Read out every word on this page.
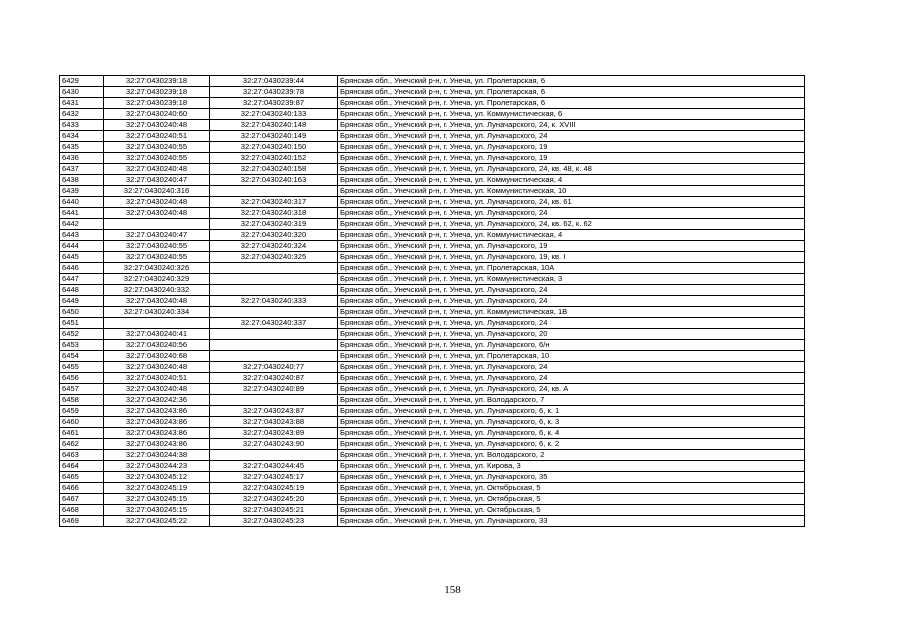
6429	32:27:0430239:18	32:27:0430239:44	Брянская обл., Унечский р-н, г. Унеча, ул. Пролетарская, 6
6430	32:27:0430239:18	32:27:0430239:78	Брянская обл., Унечский р-н, г. Унеча, ул. Пролетарская, 6
6431	32:27:0430239:18	32:27:0430239:87	Брянская обл., Унечский р-н, г. Унеча, ул. Пролетарская, 6
6432	32:27:0430240:60	32:27:0430240:133	Брянская обл., Унечский р-н, г. Унеча, ул. Коммунистическая, 6
6433	32:27:0430240:48	32:27:0430240:148	Брянская обл., Унечский р-н, г. Унеча, ул. Луначарского, 24, к. XVIII
6434	32:27:0430240:51	32:27:0430240:149	Брянская обл., Унечский р-н, г. Унеча, ул. Луначарского, 24
6435	32:27:0430240:55	32:27:0430240:150	Брянская обл., Унечский р-н, г. Унеча, ул. Луначарского, 19
6436	32:27:0430240:55	32:27:0430240:152	Брянская обл., Унечский р-н, г. Унеча, ул. Луначарского, 19
6437	32:27:0430240:48	32:27:0430240:158	Брянская обл., Унечский р-н, г. Унеча, ул. Луначарского, 24, кв. 48, к. 48
6438	32:27:0430240:47	32:27:0430240:163	Брянская обл., Унечский р-н, г. Унеча, ул. Коммунистическая, 4
6439	32:27:0430240:316		Брянская обл., Унечский р-н, г. Унеча, ул. Коммунистическая, 10
6440	32:27:0430240:48	32:27:0430240:317	Брянская обл., Унечский р-н, г. Унеча, ул. Луначарского, 24, кв. 61
6441	32:27:0430240:48	32:27:0430240:318	Брянская обл., Унечский р-н, г. Унеча, ул. Луначарского, 24
6442		32:27:0430240:319	Брянская обл., Унечский р-н, г. Унеча, ул. Луначарского, 24, кв. 62, к. 62
6443	32:27:0430240:47	32:27:0430240:320	Брянская обл., Унечский р-н, г. Унеча, ул. Коммунистическая, 4
6444	32:27:0430240:55	32:27:0430240:324	Брянская обл., Унечский р-н, г. Унеча, ул. Луначарского, 19
6445	32:27:0430240:55	32:27:0430240:325	Брянская обл., Унечский р-н, г. Унеча, ул. Луначарского, 19, кв. I
6446	32:27:0430240:326		Брянская обл., Унечский р-н, г. Унеча, ул. Пролетарская, 10А
6447	32:27:0430240:329		Брянская обл., Унечский р-н, г. Унеча, ул. Коммунистическая, 3
6448	32:27:0430240:332		Брянская обл., Унечский р-н, г. Унеча, ул. Луначарского, 24
6449	32:27:0430240:48	32:27:0430240:333	Брянская обл., Унечский р-н, г. Унеча, ул. Луначарского, 24
6450	32:27:0430240:334		Брянская обл., Унечский р-н, г. Унеча, ул. Коммунистическая, 1В
6451		32:27:0430240:337	Брянская обл., Унечский р-н, г. Унеча, ул. Луначарского, 24
6452	32:27:0430240:41		Брянская обл., Унечский р-н, г. Унеча, ул. Луначарского, 20
6453	32:27:0430240:56		Брянская обл., Унечский р-н, г. Унеча, ул. Луначарского, 6/н
6454	32:27:0430240:68		Брянская обл., Унечский р-н, г. Унеча, ул. Пролетарская, 10
6455	32:27:0430240:48	32:27:0430240:77	Брянская обл., Унечский р-н, г. Унеча, ул. Луначарского, 24
6456	32:27:0430240:51	32:27:0430240:87	Брянская обл., Унечский р-н, г. Унеча, ул. Луначарского, 24
6457	32:27:0430240:48	32:27:0430240:89	Брянская обл., Унечский р-н, г. Унеча, ул. Луначарского, 24, кв. А
6458	32:27:0430242:36		Брянская обл., Унечский р-н, г. Унеча, ул. Володарского, 7
6459	32:27:0430243:86	32:27:0430243:87	Брянская обл., Унечский р-н, г. Унеча, ул. Луначарского, 6, к. 1
6460	32:27:0430243:86	32:27:0430243:88	Брянская обл., Унечский р-н, г. Унеча, ул. Луначарского, 6, к. 3
6461	32:27:0430243:86	32:27:0430243:89	Брянская обл., Унечский р-н, г. Унеча, ул. Луначарского, 6, к. 4
6462	32:27:0430243:86	32:27:0430243:90	Брянская обл., Унечский р-н, г. Унеча, ул. Луначарского, 6, к. 2
6463	32:27:0430244:38		Брянская обл., Унечский р-н, г. Унеча, ул. Володарского, 2
6464	32:27:0430244:23	32:27:0430244:45	Брянская обл., Унечский р-н, г. Унеча, ул. Кирова, 3
6465	32:27:0430245:12	32:27:0430245:17	Брянская обл., Унечский р-н, г. Унеча, ул. Луначарского, 35
6466	32:27:0430245:19	32:27:0430245:19	Брянская обл., Унечский р-н, г. Унеча, ул. Октябрьская, 5
6467	32:27:0430245:15	32:27:0430245:20	Брянская обл., Унечский р-н, г. Унеча, ул. Октябрьская, 5
6468	32:27:0430245:15	32:27:0430245:21	Брянская обл., Унечский р-н, г. Унеча, ул. Октябрьская, 5
6469	32:27:0430245:22	32:27:0430245:23	Брянская обл., Унечский р-н, г. Унеча, ул. Луначарского, 33
158
